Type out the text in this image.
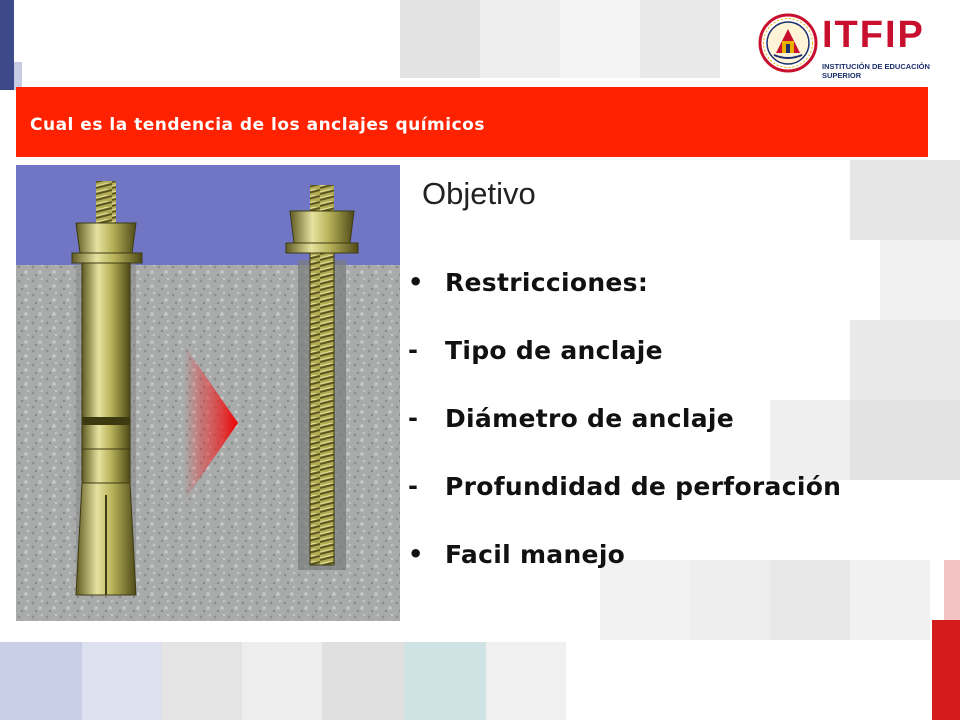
ITFIP
INSTITUCIÓN DE EDUCACIÓN SUPERIOR
Cual es la tendencia de los anclajes químicos
Objetivo
• Restricciones:
-	Tipo de anclaje
-	Diámetro de anclaje
-	Profundidad de perforación
• Facil manejo
